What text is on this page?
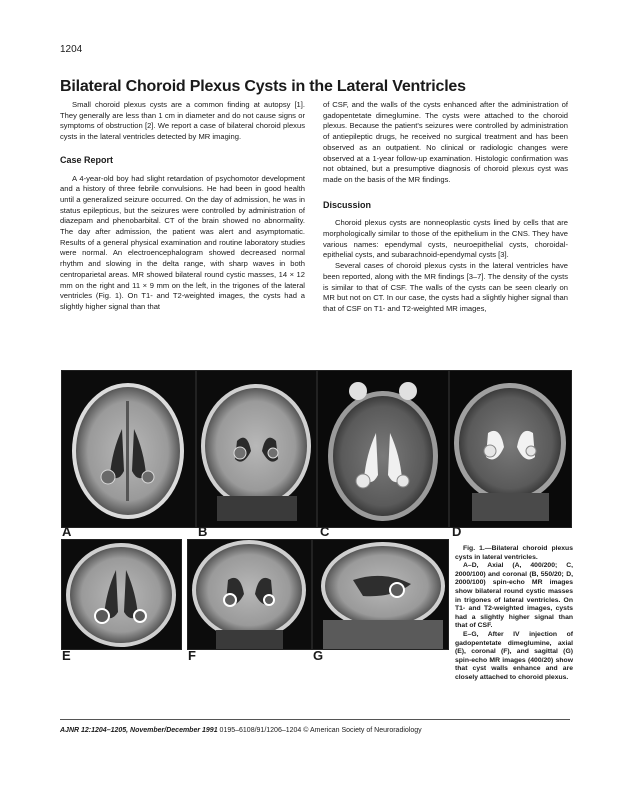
1204
Bilateral Choroid Plexus Cysts in the Lateral Ventricles

Small choroid plexus cysts are a common finding at autopsy [1]. They generally are less than 1 cm in diameter and do not cause signs or symptoms of obstruction [2]. We report a case of bilateral choroid plexus cysts in the lateral ventricles detected by MR imaging.

Case Report

A 4-year-old boy had slight retardation of psychomotor development and a history of three febrile convulsions. He had been in good health until a generalized seizure occurred. On the day of admission, he was in status epilepticus, but the seizures were controlled by administration of diazepam and phenobarbital. CT of the brain showed no abnormality. The day after admission, the patient was alert and asymptomatic. Results of a general physical examination and routine laboratory studies were normal. An electroencephalogram showed decreased normal rhythm and slowing in the delta range, with sharp waves in both centroparietal areas. MR showed bilateral round cystic masses, 14 × 12 mm on the right and 11 × 9 mm on the left, in the trigones of the lateral ventricles (Fig. 1). On T1- and T2-weighted images, the cysts had a slightly higher signal than that

of CSF, and the walls of the cysts enhanced after the administration of gadopentetate dimeglumine. The cysts were attached to the choroid plexus. Because the patient's seizures were controlled by administration of antiepileptic drugs, he received no surgical treatment and has been observed as an outpatient. No clinical or radiologic changes were observed at a 1-year follow-up examination. Histologic confirmation was not obtained, but a presumptive diagnosis of choroid plexus cyst was made on the basis of the MR findings.

Discussion

Choroid plexus cysts are nonneoplastic cysts lined by cells that are morphologically similar to those of the epithelium in the CNS. They have various names: ependymal cysts, neuroepithelial cysts, choroidal-epithelial cysts, and subarachnoid-ependymal cysts [3].

Several cases of choroid plexus cysts in the lateral ventricles have been reported, along with the MR findings [3–7]. The density of the cysts is similar to that of CSF. The walls of the cysts can be seen clearly on MR but not on CT. In our case, the cysts had a slightly higher signal than that of CSF on T1- and T2-weighted MR images,

A	B	C	D
E	F	G

Fig. 1.—Bilateral choroid plexus cysts in lateral ventricles.

A–D, Axial (A, 400/200; C, 2000/100) and coronal (B, 550/20; D, 2000/100) spin-echo MR images show bilateral round cystic masses in trigones of lateral ventricles. On T1- and T2-weighted images, cysts had a slightly higher signal than that of CSF.

E–G, After IV injection of gadopentetate dimeglumine, axial (E), coronal (F), and sagittal (G) spin-echo MR images (400/20) show that cyst walls enhance and are closely attached to choroid plexus.

AJNR 12:1204–1205, November/December 1991 0195–6108/91/1206–1204 © American Society of Neuroradiology
